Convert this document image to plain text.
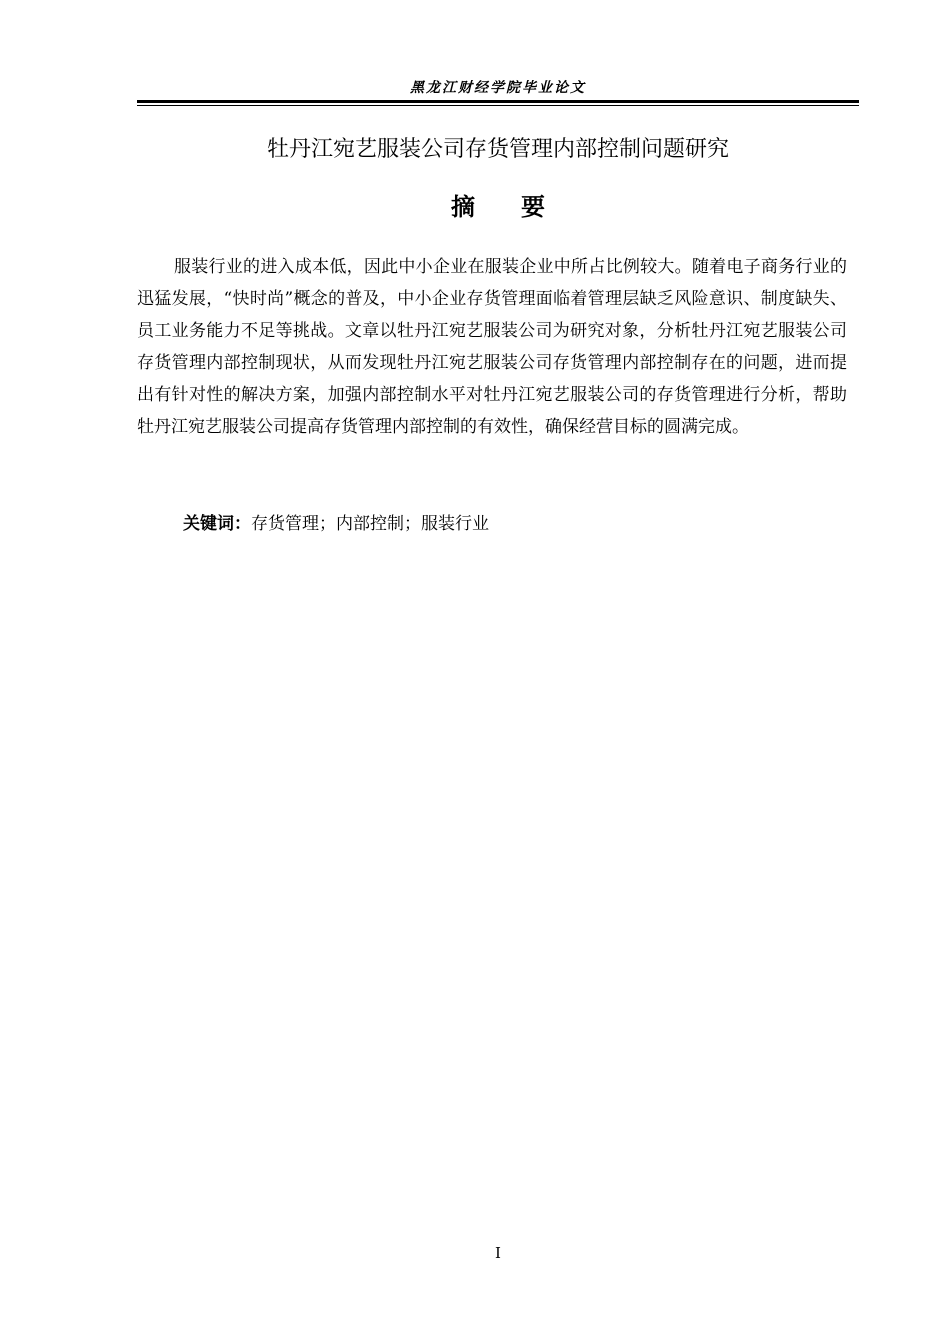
黑龙江财经学院毕业论文
牡丹江宛艺服装公司存货管理内部控制问题研究
摘要

服装行业的进入成本低，因此中小企业在服装企业中所占比例较大。随着电子商务行业的迅猛发展，“快时尚”概念的普及，中小企业存货管理面临着管理层缺乏风险意识、制度缺失、员工业务能力不足等挑战。文章以牡丹江宛艺服装公司为研究对象，分析牡丹江宛艺服装公司存货管理内部控制现状，从而发现牡丹江宛艺服装公司存货管理内部控制存在的问题，进而提出有针对性的解决方案，加强内部控制水平对牡丹江宛艺服装公司的存货管理进行分析，帮助牡丹江宛艺服装公司提高存货管理内部控制的有效性，确保经营目标的圆满完成。

关键词：存货管理；内部控制；服装行业
I
